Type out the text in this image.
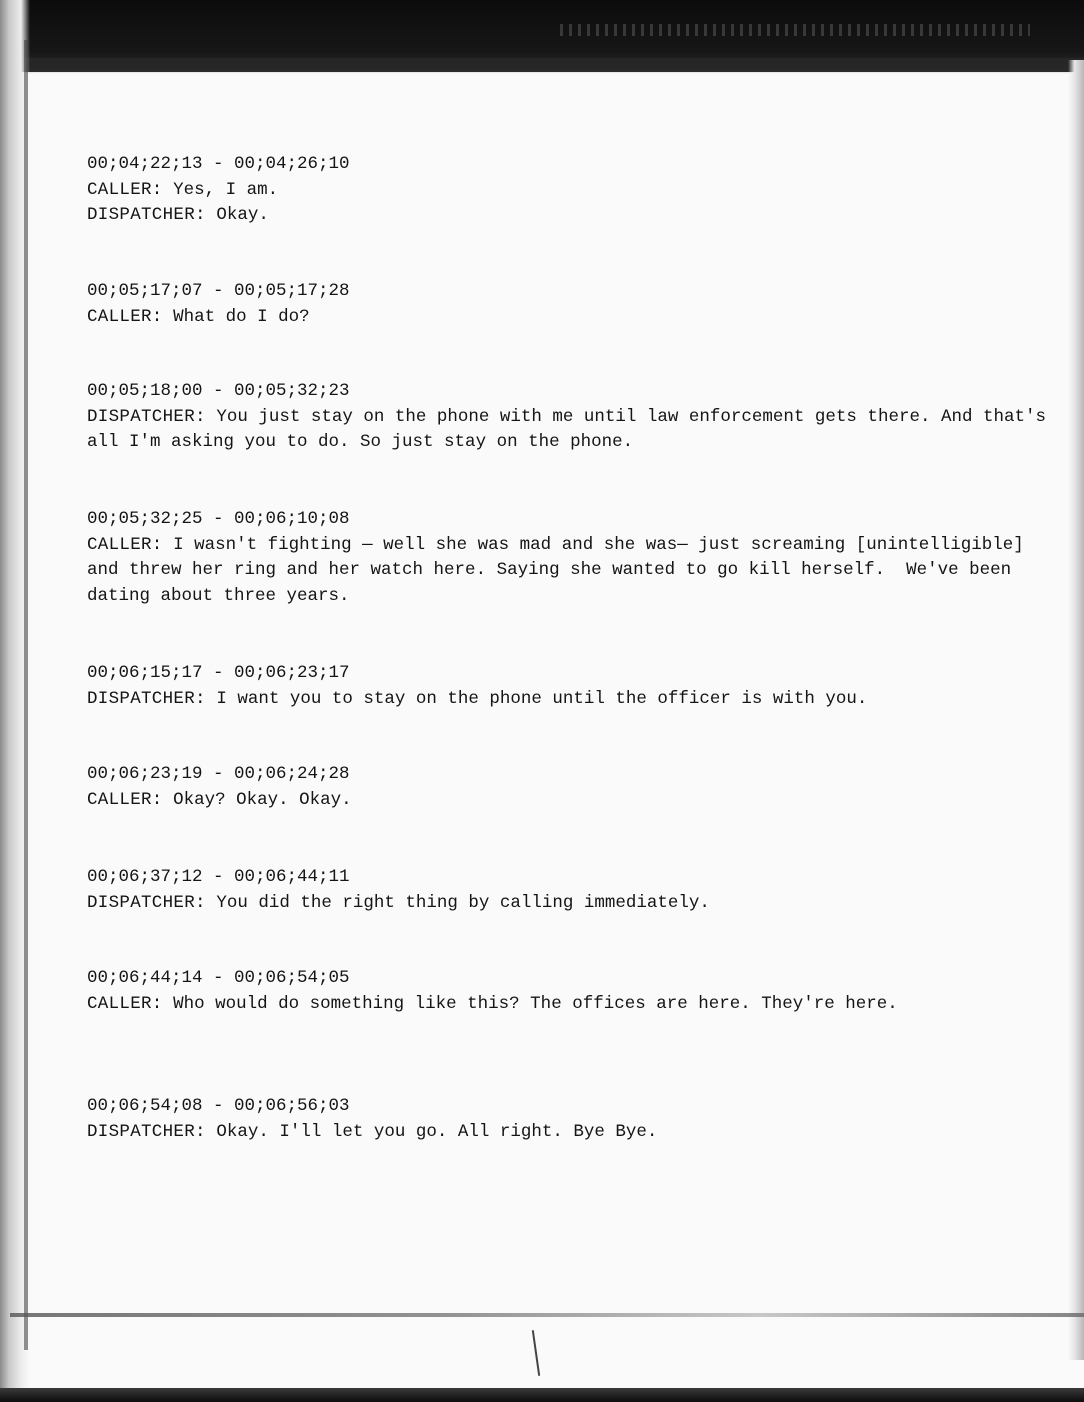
00;04;22;13 - 00;04;26;10
CALLER: Yes, I am.
DISPATCHER: Okay.
00;05;17;07 - 00;05;17;28
CALLER: What do I do?
00;05;18;00 - 00;05;32;23
DISPATCHER: You just stay on the phone with me until law enforcement gets there. And that's all I'm asking you to do. So just stay on the phone.
00;05;32;25 - 00;06;10;08
CALLER: I wasn't fighting — well she was mad and she was— just screaming [unintelligible] and threw her ring and her watch here. Saying she wanted to go kill herself.  We've been dating about three years.
00;06;15;17 - 00;06;23;17
DISPATCHER: I want you to stay on the phone until the officer is with you.
00;06;23;19 - 00;06;24;28
CALLER: Okay? Okay. Okay.
00;06;37;12 - 00;06;44;11
DISPATCHER: You did the right thing by calling immediately.
00;06;44;14 - 00;06;54;05
CALLER: Who would do something like this? The offices are here. They're here.
00;06;54;08 - 00;06;56;03
DISPATCHER: Okay. I'll let you go. All right. Bye Bye.
